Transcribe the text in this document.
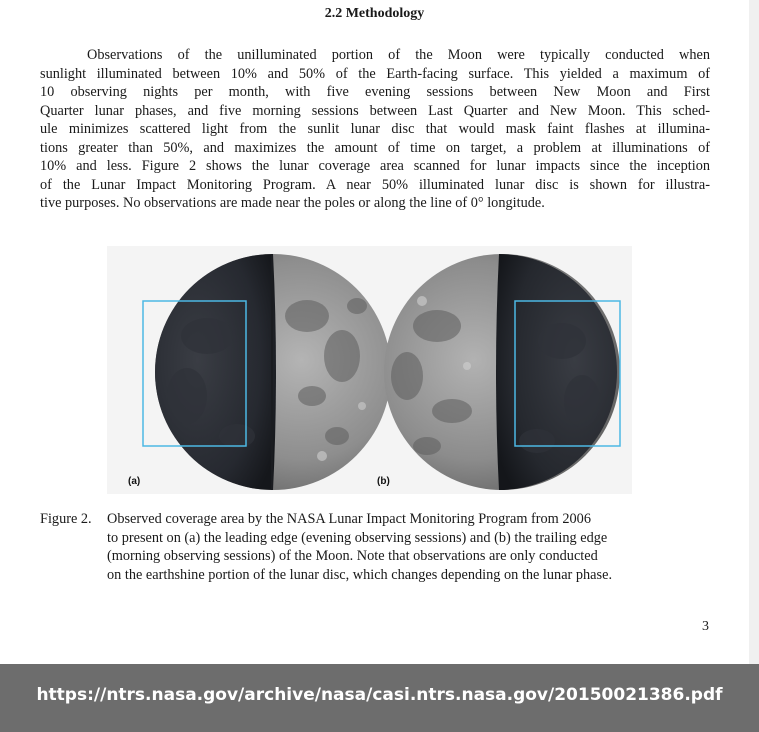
2.2 Methodology

Observations of the unilluminated portion of the Moon were typically conducted when
sunlight illuminated between 10% and 50% of the Earth-facing surface. This yielded a maximum of
10 observing nights per month, with five evening sessions between New Moon and First
Quarter lunar phases, and five morning sessions between Last Quarter and New Moon. This sched-
ule minimizes scattered light from the sunlit lunar disc that would mask faint flashes at illumina-
tions greater than 50%, and maximizes the amount of time on target, a problem at illuminations of
10% and less. Figure 2 shows the lunar coverage area scanned for lunar impacts since the inception
of the Lunar Impact Monitoring Program. A near 50% illuminated lunar disc is shown for illustra-
tive purposes. No observations are made near the poles or along the line of 0° longitude.

(a)	(b)
Figure 2. Observed coverage area by the NASA Lunar Impact Monitoring Program from 2006
to present on (a) the leading edge (evening observing sessions) and (b) the trailing edge
(morning observing sessions) of the Moon. Note that observations are only conducted
on the earthshine portion of the lunar disc, which changes depending on the lunar phase.
3
https://ntrs.nasa.gov/archive/nasa/casi.ntrs.nasa.gov/20150021386.pdf
